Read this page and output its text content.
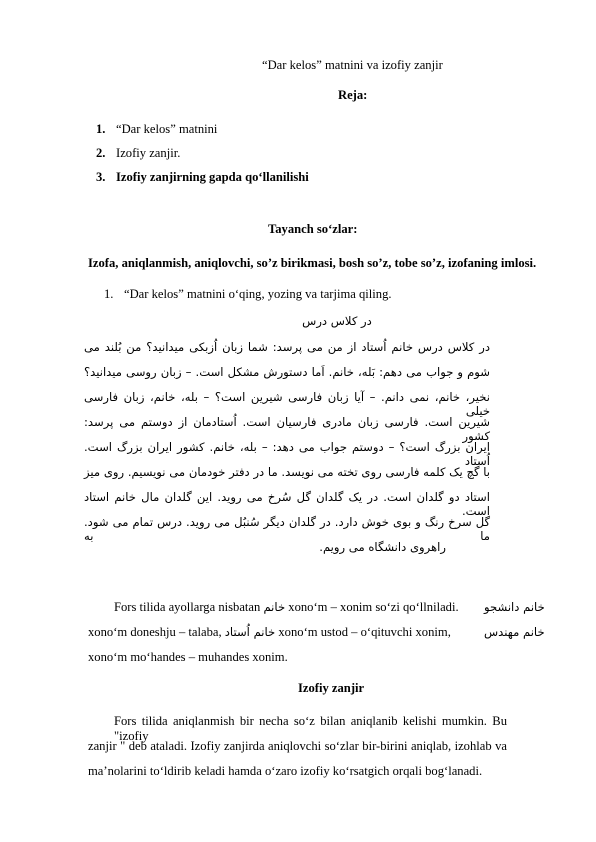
“Dar kelos” matnini va izofiy zanjir
Reja:
1. “Dar kelos” matnini
2. Izofiy zanjir.
3. Izofiy zanjirning gapda qo‘llanilishi
Tayanch so‘zlar:
Izofa, aniqlanmish, aniqlovchi, so’z birikmasi, bosh so’z, tobe so’z, izofaning imlosi.
1. “Dar kelos” matnini o‘qing, yozing va tarjima qiling.
در کلاس درس
در کلاس درس خانم اُستاد از من می پرسد: شما زبان اُزبکی میدانید؟ من بُلند می
شوم و جواب می دهم: بَله، خانم. اَما دستورش مشکل است. – زبان روسی میدانید؟
نخیر، خانم، نمی دانم. – آیا زبان فارسی شیرین است؟ – بله، خانم، زبان فارسی خیلی
شیرین است. فارسی زبان مادری فارسیان است. اُستادمان از دوستم می پرسد: کشور
ایران بزرگ است؟ – دوستم جواب می دهد: – بله، خانم. کشور ایران بزرگ است. اُستاد
با گچ یک کلمه فارسی روی تخته می نویسد. ما در دفتر خودمان می نویسیم. روی میز
استاد دو گلدان است. در یک گلدان گل سُرخ می روید. این گلدان مال خانم استاد است.
گل سرخ رنگ و بوی خوش دارد. در گلدان دیگر سُنبُل می روید. درس تمام می شود. ما به
راهروی دانشگاه می رویم.
Fors tilida ayollarga nisbatan خانم xonoʻm – xonim soʻzi qoʻllniladi. خانم دانشجو
xonoʻm doneshju – talaba, خانم اُستاد xonoʻm ustod – oʻqituvchi xonim,	خانم مهندس
xonoʻm moʻhandes – muhandes xonim.
Izofiy zanjir
Fors tilida aniqlanmish bir necha so‘z bilan aniqlanib kelishi mumkin. Bu "izofiy
zanjir " deb ataladi. Izofiy zanjirda aniqlovchi so‘zlar bir-birini aniqlab, izohlab va
ma’nolarini to‘ldirib keladi hamda o‘zaro izofiy ko‘rsatgich orqali bog‘lanadi.
